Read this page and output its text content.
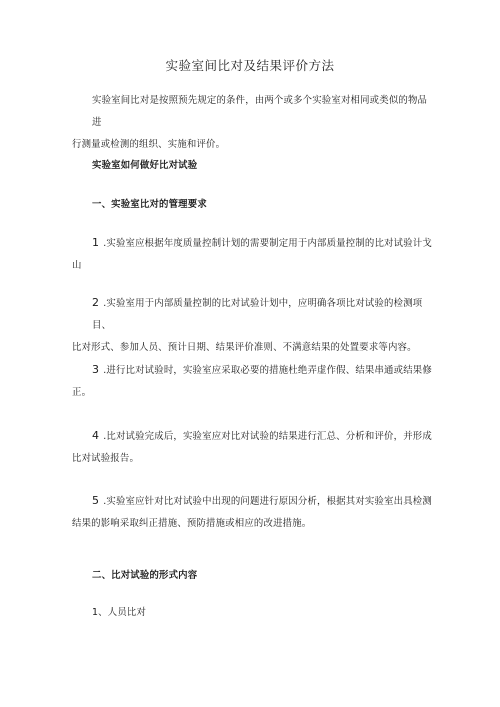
实验室间比对及结果评价方法
实验室间比对是按照预先规定的条件，由两个或多个实验室对相同或类似的物品进
行测量或检测的组织、实施和评价。
实验室如何做好比对试验
一、实验室比对的管理要求
1 .实验室应根据年度质量控制计划的需要制定用于内部质量控制的比对试验计戈
山
2 .实验室用于内部质量控制的比对试验计划中，应明确各项比对试验的检测项目、
比对形式、参加人员、预计日期、结果评价准则、不满意结果的处置要求等内容。
3 .进行比对试验时，实验室应采取必要的措施杜绝弄虚作假、结果串通或结果修
正。
4 .比对试验完成后，实验室应对比对试验的结果进行汇总、分析和评价，并形成
比对试验报告。
5 .实验室应针对比对试验中出现的问题进行原因分析，根据其对实验室出具检测
结果的影响采取纠正措施、预防措施或相应的改进措施。
二、比对试验的形式内容
1、人员比对
